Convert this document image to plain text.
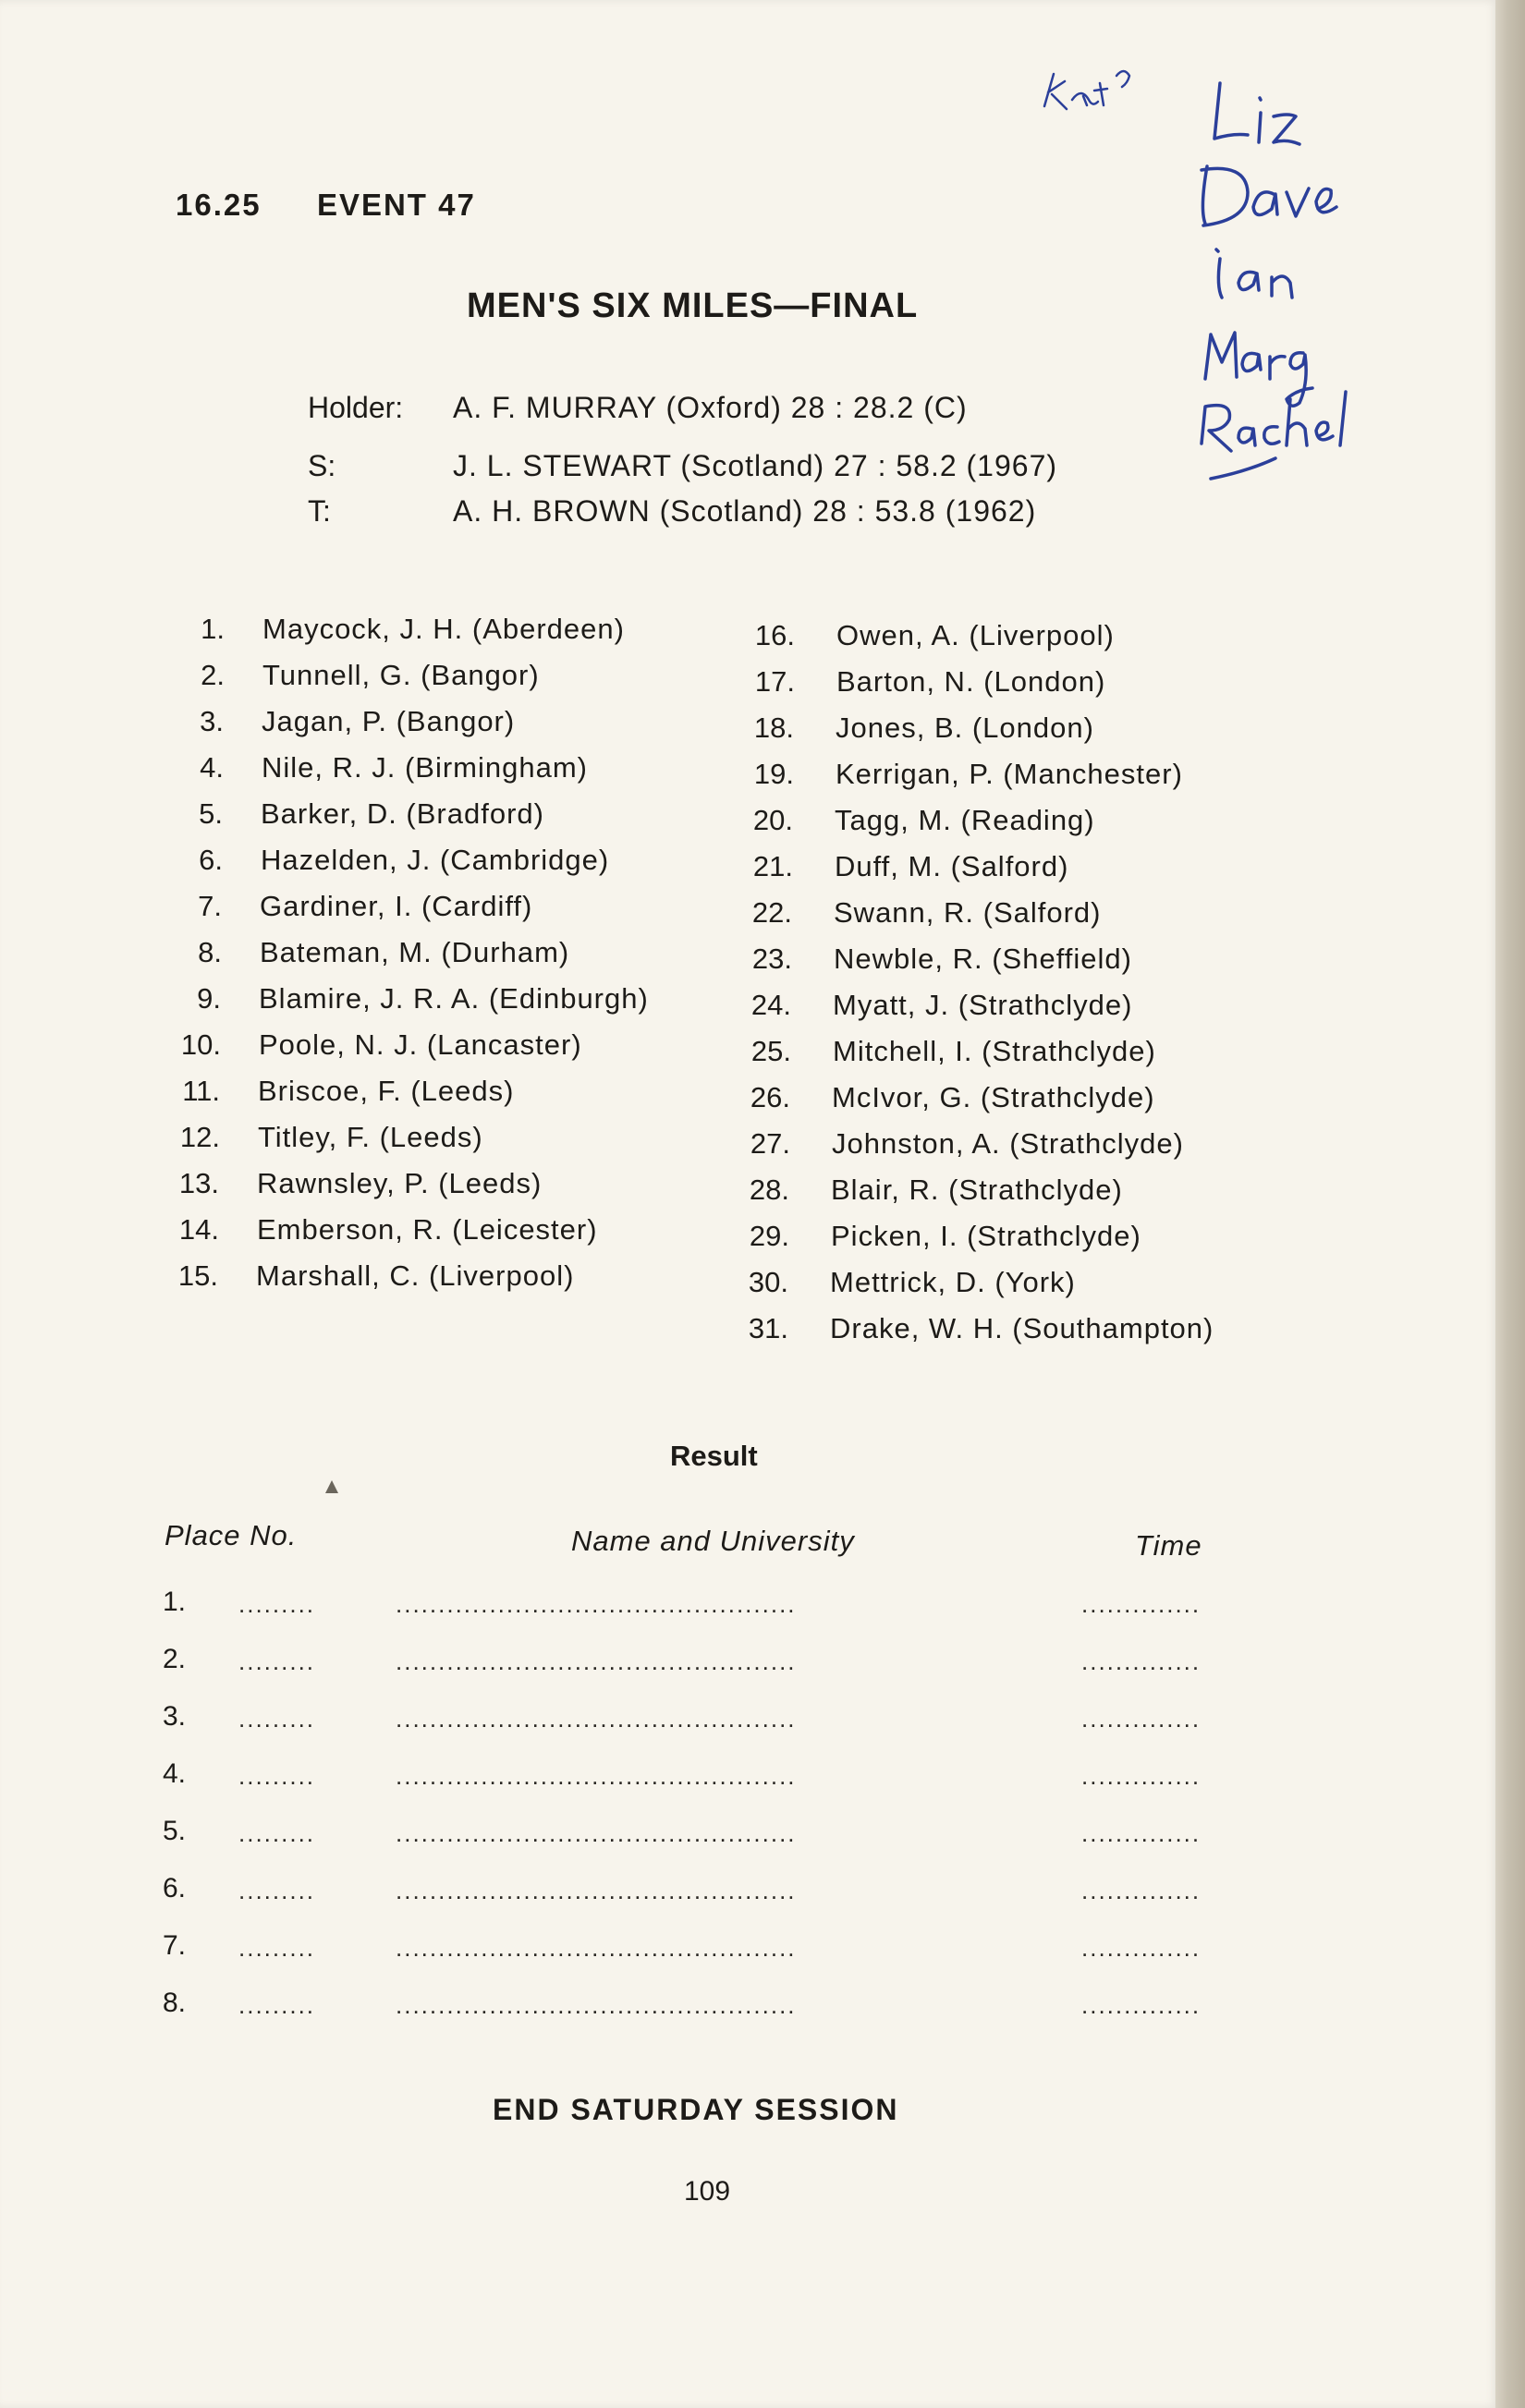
16.25 EVENT 47
MEN'S SIX MILES—FINAL
Holder: A. F. MURRAY (Oxford) 28 : 28.2 (C)
S:	J. L. STEWART (Scotland) 27 : 58.2 (1967)
T:	A. H. BROWN (Scotland) 28 : 53.8 (1962)
1. Maycock, J. H. (Aberdeen)
2. Tunnell, G. (Bangor)
3. Jagan, P. (Bangor)
4. Nile, R. J. (Birmingham)
5. Barker, D. (Bradford)
6. Hazelden, J. (Cambridge)
7. Gardiner, I. (Cardiff)
8. Bateman, M. (Durham)
9. Blamire, J. R. A. (Edinburgh)
10. Poole, N. J. (Lancaster)
11. Briscoe, F. (Leeds)
12. Titley, F. (Leeds)
13. Rawnsley, P. (Leeds)
14. Emberson, R. (Leicester)
15. Marshall, C. (Liverpool)
16. Owen, A. (Liverpool)
17. Barton, N. (London)
18. Jones, B. (London)
19. Kerrigan, P. (Manchester)
20. Tagg, M. (Reading)
21. Duff, M. (Salford)
22. Swann, R. (Salford)
23. Newble, R. (Sheffield)
24. Myatt, J. (Strathclyde)
25. Mitchell, I. (Strathclyde)
26. McIvor, G. (Strathclyde)
27. Johnston, A. (Strathclyde)
28. Blair, R. (Strathclyde)
29. Picken, I. (Strathclyde)
30. Mettrick, D. (York)
31. Drake, W. H. (Southampton)
Result
Place No.	Name and University	Time
1. .........	...............................................	..............
2. .........	...............................................	..............
3. .........	...............................................	..............
4. .........	...............................................	..............
5. .........	...............................................	..............
6. .........	...............................................	..............
7. .........	...............................................	..............
8. .........	...............................................	..............
END SATURDAY SESSION
109
